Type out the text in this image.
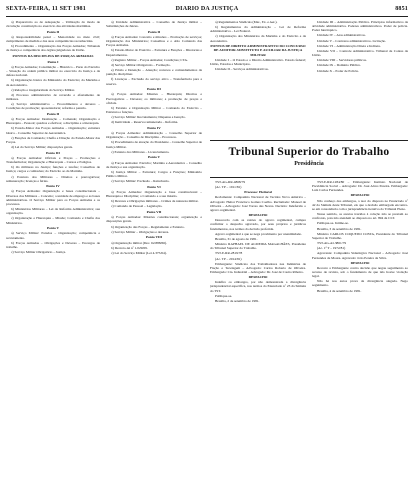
SEXTA-FEIRA, 11 SET 1981	DIARIO DA JUSTIÇA	8851

a) Preparatório ao de Adequação – Utilização do modo de circulação constituição no exercício das atividades marítimas.

Ponto II

a) Responsabilidade penal – Menoridade no meio civil; cumprimento de medida e das suas competências reconhecidas.

b) Procedimento – Organização das Forças Armadas; Tribunais de Justiça e competência dos órgãos julgadores da União.

PONTOS DA DISCIPLINA DE FORÇAS ARMADAS
Ponto I

a) Forças Armadas; Constituição – Histórico – Parte do Exército – Situação da ordem pública militar no exercício da Justiça e da defesa nacional.

b) Organização básica do Ministério do Exército; da Marinha e da Aeronáutica.

c) Relação e irregularidade do Serviço Militar.

d) Processo administrativo de reversão e afastamento de militares.

e) Serviço administrativo – Procedimentos e deveres – Condições de promoção; aposentadoria; reforma e pensão.

Ponto II

a) Forças Armadas: Destinação – Comando; Organização e Hierarquia – Pessoal; quadros e efetivos; a disciplina e a hierarquia.

b) Estado-Maior das Forças Armadas – Organização; estrutura básica – Conselho Superior de Aeronáutica.

c) Funções de Comando; Chefia e Direção do Estado-Maior das Forças.

d) Lei do Serviço Militar; disposições gerais.

Ponto III

a) Forças Armadas: Oficiais e Praças – Promoções e Transferências; Organização e Hierarquia – Cursos e Estágios.

b) Os militares na Justiça; funções e tarefas; Conselhos de Justiça; cargos e comissões; do Exército ao da Marinha.

c) Estatuto dos Militares – Direitos e prerrogativas; remuneração; licenças e férias.

Ponto IV

a) Forças Armadas: Organização e bases constitucionais – Diversos dos Militares – Conceito; a unidade de emprego e as bases administrativas. O Serviço Militar para os Forças Armadas e os processos.

b) Ministérios Militares – Lei da Reforma Administrativa; sua organização.

c) Organização e Hierarquia – Missão; Comando e Chefia dos Ministérios.

Ponto V

a) Serviço Militar: Estados – Organização; competência e recrutamento.

b) Forças Armadas – Obrigações e Deveres – Encargos de trabalho.

c) Serviço Militar Obrigatório – Justiça.

a) Unidade Administrativa – Conselho de Justiça militar – Substituições de Juízes.

Ponto II

a) Forças Armadas: Conceito e missões – Promoção de serviços; Organização dos Ministérios; Conselhos e o Alto Comando das Forças Armadas.

b) Estado-Maior do Exército – Estrutura e Funções – Diretorias e Departamentos.

c) Registro Militar – Forças Armadas; Condições; CTA.

d) Serviço Militar Obrigatório – Formação.

e) Prisão e Detenção – Atuação; recursos e comandamentos da punição disciplinar.

f) Licenças – Exclusão do serviço ativo – Transferência para a reserva.

Ponto III

a) Forças Armadas: Missões – Hierarquia; Direitos e Prerrogativas – Deveres; os militares; a promoção de praças e oficiais.

b) Estatuto e Organização Militar – Comando do Exército – Estrutura e funções.

c) Serviço Militar: Recrutamento; Dispensa e Isenção.

d) Inatividade – Reserva remunerada – Reforma.

Ponto IV

a) Forças Armadas: Administração – Conselho Superior de Organização – Conselho de Disciplina – Processos.

b) Procedimento de atuação do Presidente – Conselho Superior de Justiça Militar.

c) Estatuto dos Militares – Licenciamento.

Ponto V

a) Forças Armadas: Exército; Marinha e Aeronáutica – Conselho de Justiça e sua organização.

b) Justiça Militar – Estrutura; Cargos e Funções; Ministério Público Militar.

c) Serviço Militar: Exclusão – Reinclusão.

Ponto VI

a) Forças Armadas: Organização e base constitucional – Hierarquia e Disciplina; o Comando e a sua missão.

b) Deveres e Obrigações militares – Crimes de natureza militar.

c) Comando de Pessoal – Legislação.

Ponto VII

a) Forças Armadas: Missões constitucionais; organização e disposições gerais.

b) Organização das Forças – Regulamento e Estatuto.

c) Serviço Militar – Obrigações e deveres.

Ponto VIII

a) Organização militar (Dec. 62.888/66).

b) Decreto-lei nº 1.029/69.

c) Lei do Serviço Militar (Lei 4.375/64).

a) Regulamentos Sindicais (Mar., Ex. e Aer.).

b) Regulamentos da Administração – Lei de Reforma Administrativa – Lei Federal.

c) Organização dos Ministérios da Marinha e do Exército e da Aeronáutica.

PONTOS DE DIREITO ADMINISTRATIVO DO CONCURSO DE AUDITOR-SUBSTITUTO E AUXILIAR DA JUSTIÇA MILITAR

Unidade I – O Estado e o Direito Administrativo. Estado federal; União, Estados e Municípios.

Unidade II – Serviços Administrativos.

Unidade III – Administração Pública. Princípios informativos da atividade administrativa. Poderes administrativos. Poder de polícia. Poder hierárquico.

Unidade IV – Atos administrativos.

Unidade V – Contratos administrativos. Licitação.

Unidade VI – Administração Direta e Indireta.

Unidade VII – Controle Administrativo. Tribunal de Contas da União.

Unidade VIII – Servidores públicos.

Unidade IX – Domínio Público.

Unidade X – Poder de Polícia.

Tribunal Superior do Trabalho
Presidência

TST-AG-RR-4868/79

(Ac. TP – 1911/81)

Processo: Eleitoral

Reclamante: Companhia Nacional de Tecidos Nova América – Advogado: Heitor Francisco Gomes Coelho. Reclamado: Manoel de Oliveira – Advogado: José Torres das Neves. Decisão: Indeferido o agravo regimental.

DESPACHO

Desacordo com as razões do agravo regimental, cumpre confirmar o despacho agravado, por seus próprios e jurídicos fundamentos, nos termos da decisão proferida.

Agravo regimental a que se nega provimento por unanimidade.

Brasília, 31 de agosto de 1981.

Ministro RAPHAEL DE ALMEIDA MAGALHÃES, Presidente do Tribunal Superior do Trabalho.

TST-E-RR-2819/78

(Ac. TP – 2014/81)

Embargante: Sindicato dos Trabalhadores nas Indústrias de Fiação e Tecelagem – Advogado: Carlos Roberto de Oliveira. Embargado: Cia. Industrial – Advogado: Dr. José de Castro Ribeiro.

DESPACHO

Indefiro os embargos, por não demonstrada a divergência jurisprudencial específica, nos termos do Enunciado nº 23 da Súmula do TST.

Publique-se.

Brasília, 2 de setembro de 1981.

TST-E-RR-1284/80 – Embargante: Instituto Nacional de Previdência Social – Advogado: Dr. José Alves Pereira. Embargado: Luiz Carlos Fernandes.

DESPACHO

Não conheço dos embargos, a teor do disposto no Enunciado nº 42 da Súmula deste Tribunal, eis que a decisão embargada encontra-se em consonância com a jurisprudência iterativa do Tribunal Pleno.

Nesse sentido, os arestos trazidos à colação não se prestam ao confronto, pois não atendem ao disposto no art. 894 da CLT.

Publique-se. Intime-se.

Brasília, 3 de setembro de 1981.

Ministro CARLOS COQUEIJO COSTA, Presidente do Tribunal Superior do Trabalho.

TST-AG-AI-3861/79

(Ac. 1ª T – 1972/81)

Agravante: Companhia Siderúrgica Nacional – Advogado: José Fernandes de Moura. Agravado: João Pereira da Silva.

DESPACHO

Recorre a Embargante contra decisão que negou seguimento ao recurso de revista, sob o fundamento de que não houve violação legal.

Não há nos autos prova da divergência alegada. Nego seguimento.

Brasília, 4 de setembro de 1981.
